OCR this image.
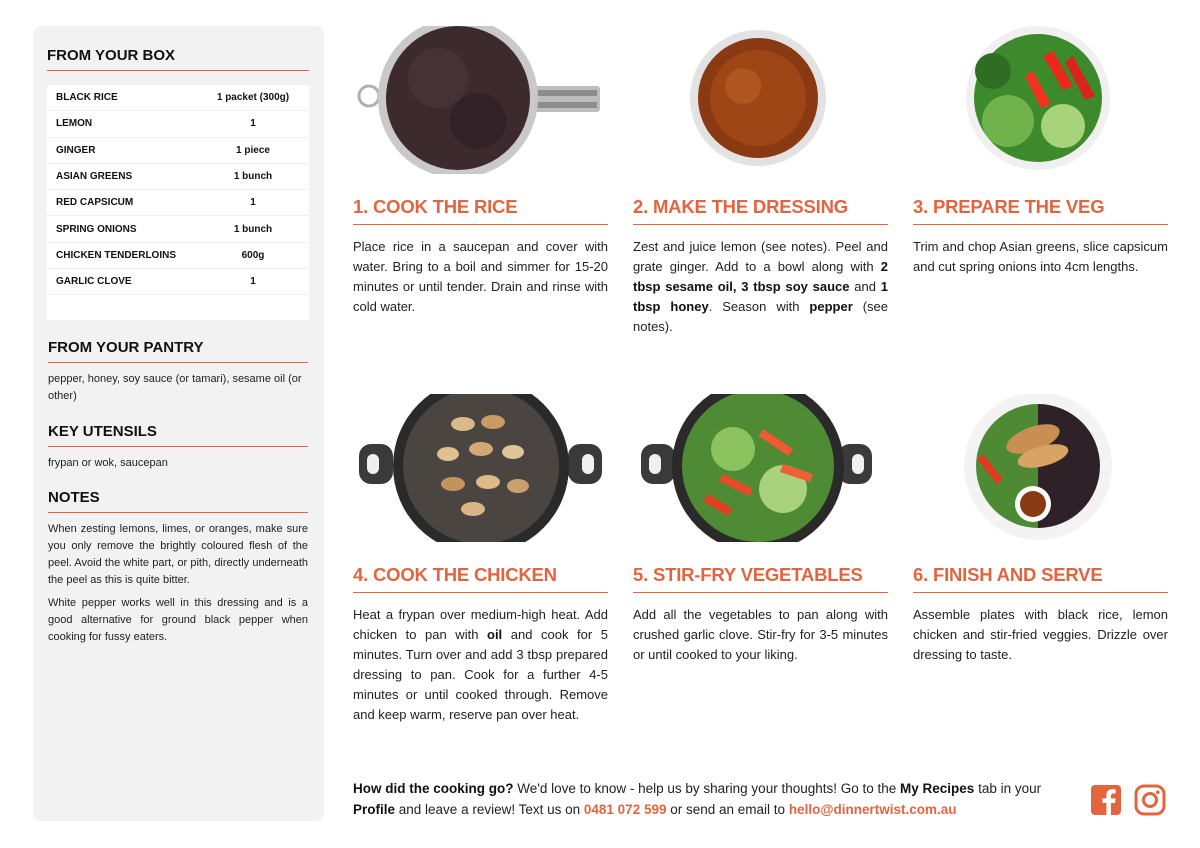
FROM YOUR BOX
BLACK RICE	1 packet (300g)
LEMON	1
GINGER	1 piece
ASIAN GREENS	1 bunch
RED CAPSICUM	1
SPRING ONIONS	1 bunch
CHICKEN TENDERLOINS	600g
GARLIC CLOVE	1
FROM YOUR PANTRY
pepper, honey, soy sauce (or tamari), sesame oil (or other)
KEY UTENSILS
frypan or wok, saucepan
NOTES

When zesting lemons, limes, or oranges, make sure you only remove the brightly coloured flesh of the peel. Avoid the white part, or pith, directly underneath the peel as this is quite bitter.

White pepper works well in this dressing and is a good alternative for ground black pepper when cooking for fussy eaters.

1. COOK THE RICE
Place rice in a saucepan and cover with water. Bring to a boil and simmer for 15-20 minutes or until tender. Drain and rinse with cold water.
2. MAKE THE DRESSING
Zest and juice lemon (see notes). Peel and grate ginger. Add to a bowl along with 2 tbsp sesame oil, 3 tbsp soy sauce and 1 tbsp honey. Season with pepper (see notes).
3. PREPARE THE VEG
Trim and chop Asian greens, slice capsicum and cut spring onions into 4cm lengths.
4. COOK THE CHICKEN
Heat a frypan over medium-high heat. Add chicken to pan with oil and cook for 5 minutes. Turn over and add 3 tbsp prepared dressing to pan. Cook for a further 4-5 minutes or until cooked through. Remove and keep warm, reserve pan over heat.
5. STIR-FRY VEGETABLES
Add all the vegetables to pan along with crushed garlic clove. Stir-fry for 3-5 minutes or until cooked to your liking.
6. FINISH AND SERVE
Assemble plates with black rice, lemon chicken and stir-fried veggies. Drizzle over dressing to taste.
How did the cooking go? We'd love to know - help us by sharing your thoughts! Go to the My Recipes tab in your Profile and leave a review! Text us on 0481 072 599 or send an email to hello@dinnertwist.com.au
